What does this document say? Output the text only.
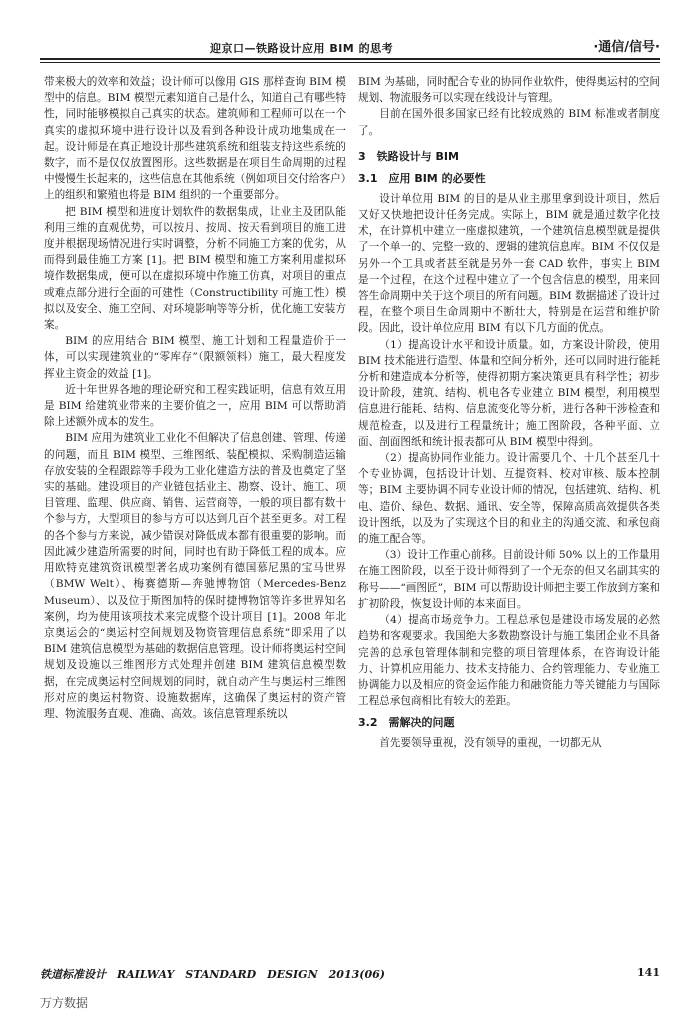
迎京口—铁路设计应用 BIM 的思考	·通信/信号·

带来极大的效率和效益；设计师可以像用 GIS 那样查询 BIM 模型中的信息。BIM 模型元素知道自己是什么，知道自己有哪些特性，同时能够模拟自己真实的状态。建筑师和工程师可以在一个真实的虚拟环境中进行设计以及看到各种设计成功地集成在一起。设计师是在真正地设计那些建筑系统和组装支持这些系统的数字，而不是仅仅放置图形。这些数据是在项目生命周期的过程中慢慢生长起来的，这些信息在其他系统（例如项目交付给客户）上的组织和繁殖也将是 BIM 组织的一个重要部分。

把 BIM 模型和进度计划软件的数据集成，让业主及团队能利用三维的直观优势，可以按月、按周、按天看到项目的施工进度并根据现场情况进行实时调整，分析不同施工方案的优劣，从而得到最佳施工方案 [1]。把 BIM 模型和施工方案利用虚拟环境作数据集成，便可以在虚拟环境中作施工仿真，对项目的重点或难点部分进行全面的可建性（Constructibility 可施工性）模拟以及安全、施工空间、对环境影响等等分析，优化施工安装方案。

BIM 的应用结合 BIM 模型、施工计划和工程量造价于一体，可以实现建筑业的“零库存”（限额领料）施工，最大程度发挥业主资金的效益 [1]。

近十年世界各地的理论研究和工程实践证明，信息有效互用是 BIM 给建筑业带来的主要价值之一，应用 BIM 可以帮助消除上述额外成本的发生。

BIM 应用为建筑业工业化不但解决了信息创建、管理、传递的问题，而且 BIM 模型、三维图纸、装配模拟、采购制造运输存放安装的全程跟踪等手段为工业化建造方法的普及也奠定了坚实的基础。建设项目的产业链包括业主、勘察、设计、施工、项目管理、监理、供应商、销售、运营商等，一般的项目都有数十个参与方，大型项目的参与方可以达到几百个甚至更多。对工程的各个参与方来说，减少错误对降低成本都有很重要的影响。而因此减少建造所需要的时间，同时也有助于降低工程的成本。应用欧特克建筑资讯模型著名成功案例有德国慕尼黑的宝马世界（BMW Welt）、梅赛德斯—奔驰博物馆（Mercedes-Benz Museum）、以及位于斯图加特的保时捷博物馆等许多世界知名案例，均为使用该项技术来完成整个设计项目 [1]。2008 年北京奥运会的“奥运村空间规划及物资管理信息系统”即采用了以 BIM 建筑信息模型为基础的数据信息管理。设计师将奥运村空间规划及设施以三维图形方式处理并创建 BIM 建筑信息模型数据，在完成奥运村空间规划的同时，就自动产生与奥运村三维图形对应的奥运村物资、设施数据库，这确保了奥运村的资产管理、物流服务直观、准确、高效。该信息管理系统以

BIM 为基础，同时配合专业的协同作业软件，使得奥运村的空间规划、物流服务可以实现在线设计与管理。

目前在国外很多国家已经有比较成熟的 BIM 标准或者制度了。

3　铁路设计与 BIM
3.1　应用 BIM 的必要性

设计单位用 BIM 的目的是从业主那里拿到设计项目，然后又好又快地把设计任务完成。实际上，BIM 就是通过数字化技术，在计算机中建立一座虚拟建筑，一个建筑信息模型就是提供了一个单一的、完整一致的、逻辑的建筑信息库。BIM 不仅仅是另外一个工具或者甚至就是另外一套 CAD 软件，事实上 BIM 是一个过程，在这个过程中建立了一个包含信息的模型，用来回答生命周期中关于这个项目的所有问题。BIM 数据描述了设计过程，在整个项目生命周期中不断壮大，特别是在运营和维护阶段。因此，设计单位应用 BIM 有以下几方面的优点。

（1）提高设计水平和设计质量。如，方案设计阶段，使用 BIM 技术能进行造型、体量和空间分析外，还可以同时进行能耗分析和建造成本分析等，使得初期方案决策更具有科学性；初步设计阶段，建筑、结构、机电各专业建立 BIM 模型，利用模型信息进行能耗、结构、信息流变化等分析，进行各种干涉检查和规范检查，以及进行工程量统计；施工图阶段，各种平面、立面、剖面图纸和统计报表都可从 BIM 模型中得到。

（2）提高协同作业能力。设计需要几个、十几个甚至几十个专业协调，包括设计计划、互提资料、校对审核、版本控制等；BIM 主要协调不同专业设计师的情况，包括建筑、结构、机电、造价、绿色、数据、通讯、安全等，保障高质高效提供各类设计图纸，以及为了实现这个目的和业主的沟通交流、和承包商的施工配合等。

（3）设计工作重心前移。目前设计师 50% 以上的工作量用在施工图阶段，以至于设计师得到了一个无奈的但又名副其实的称号——“画图匠”，BIM 可以帮助设计师把主要工作放到方案和扩初阶段，恢复设计师的本来面目。

（4）提高市场竞争力。工程总承包是建设市场发展的必然趋势和客观要求。我国绝大多数勘察设计与施工集团企业不具备完善的总承包管理体制和完整的项目管理体系，在咨询设计能力、计算机应用能力、技术支持能力、合约管理能力、专业施工协调能力以及相应的资金运作能力和融资能力等关键能力与国际工程总承包商相比有较大的差距。

3.2　需解决的问题

首先要领导重视，没有领导的重视，一切都无从

铁道标准设计　RAILWAY　STANDARD　DESIGN　2013(06)	141
万方数据
